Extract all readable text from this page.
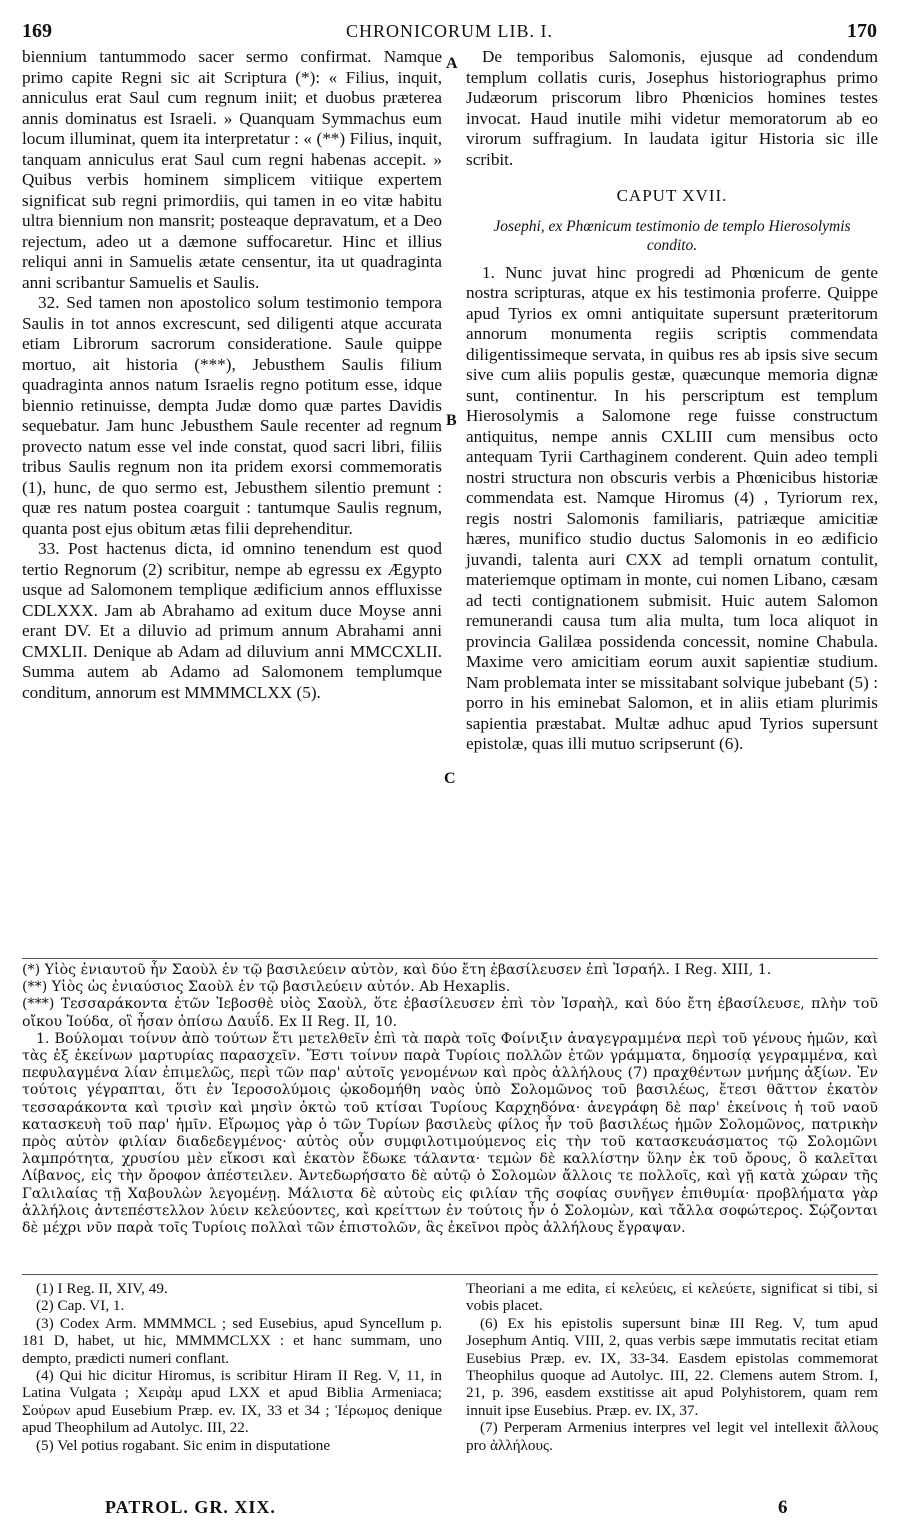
169	CHRONICORUM LIB. I.	170
A
B
C

biennium tantummodo sacer sermo confirmat. Namque primo capite Regni sic ait Scriptura (*): « Filius, inquit, anniculus erat Saul cum regnum iniit; et duobus præterea annis dominatus est Israeli. » Quanquam Symmachus eum locum illuminat, quem ita interpretatur : « (**) Filius, inquit, tanquam anniculus erat Saul cum regni habenas accepit. » Quibus verbis hominem simplicem vitiique expertem significat sub regni primordiis, qui tamen in eo vitæ habitu ultra biennium non mansrit; posteaque depravatum, et a Deo rejectum, adeo ut a dæmone suffocaretur. Hinc et illius reliqui anni in Samuelis ætate censentur, ita ut quadraginta anni scribantur Samuelis et Saulis.

32. Sed tamen non apostolico solum testimonio tempora Saulis in tot annos excrescunt, sed diligenti atque accurata etiam Librorum sacrorum consideratione. Saule quippe mortuo, ait historia (***), Jebusthem Saulis filium quadraginta annos natum Israelis regno potitum esse, idque biennio retinuisse, dempta Judæ domo quæ partes Davidis sequebatur. Jam hunc Jebusthem Saule recenter ad regnum provecto natum esse vel inde constat, quod sacri libri, filiis tribus Saulis regnum non ita pridem exorsi commemoratis (1), hunc, de quo sermo est, Jebusthem silentio premunt : quæ res natum postea coarguit : tantumque Saulis regnum, quanta post ejus obitum ætas filii deprehenditur.

33. Post hactenus dicta, id omnino tenendum est quod tertio Regnorum (2) scribitur, nempe ab egressu ex Ægypto usque ad Salomonem templique ædificium annos effluxisse CDLXXX. Jam ab Abrahamo ad exitum duce Moyse anni erant DV. Et a diluvio ad primum annum Abrahami anni CMXLII. Denique ab Adam ad diluvium anni MMCCXLII. Summa autem ab Adamo ad Salomonem templumque conditum, annorum est MMMMCLXX (5).

De temporibus Salomonis, ejusque ad condendum templum collatis curis, Josephus historiographus primo Judæorum priscorum libro Phœnicios homines testes invocat. Haud inutile mihi videtur memoratorum ab eo virorum suffragium. In laudata igitur Historia sic ille scribit.

CAPUT XVII.
Josephi, ex Phœnicum testimonio de templo Hierosolymis condito.

1. Nunc juvat hinc progredi ad Phœnicum de gente nostra scripturas, atque ex his testimonia proferre. Quippe apud Tyrios ex omni antiquitate supersunt præteritorum annorum monumenta regiis scriptis commendata diligentissimeque servata, in quibus res ab ipsis sive secum sive cum aliis populis gestæ, quæcunque memoria dignæ sunt, continentur. In his perscriptum est templum Hierosolymis a Salomone rege fuisse constructum antiquitus, nempe annis CXLIII cum mensibus octo antequam Tyrii Carthaginem conderent. Quin adeo templi nostri structura non obscuris verbis a Phœnicibus historiæ commendata est. Namque Hiromus (4) , Tyriorum rex, regis nostri Salomonis familiaris, patriæque amicitiæ hæres, munifico studio ductus Salomonis in eo ædificio juvandi, talenta auri CXX ad templi ornatum contulit, materiemque optimam in monte, cui nomen Libano, cæsam ad tecti contignationem submisit. Huic autem Salomon remunerandi causa tum alia multa, tum loca aliquot in provincia Galilæa possidenda concessit, nomine Chabula. Maxime vero amicitiam eorum auxit sapientiæ studium. Nam problemata inter se missitabant solvique jubebant (5) : porro in his eminebat Salomon, et in aliis etiam plurimis sapientia præstabat. Multæ adhuc apud Tyrios supersunt epistolæ, quas illi mutuo scripserunt (6).

(*) Υἱὸς ἐνιαυτοῦ ἦν Σαοὺλ ἐν τῷ βασιλεύειν αὐτὸν, καὶ δύο ἔτη ἐβασίλευσεν ἐπὶ Ἰσραήλ. I Reg. XIII, 1.

(**) Υἱὸς ὡς ἐνιαύσιος Σαοὺλ ἐν τῷ βασιλεύειν αὐτόν. Ab Hexaplis.

(***) Τεσσαράκοντα ἐτῶν Ἰεβοσθὲ υἱὸς Σαοὺλ, ὅτε ἐβασίλευσεν ἐπὶ τὸν Ἰσραὴλ, καὶ δύο ἔτη ἐβασίλευσε, πλὴν τοῦ οἴκου Ἰούδα, οἳ ἦσαν ὀπίσω Δαυΐδ. Ex II Reg. II, 10.

1. Βούλομαι τοίνυν ἀπὸ τούτων ἔτι μετελθεῖν ἐπὶ τὰ παρὰ τοῖς Φοίνιξιν ἀναγεγραμμένα περὶ τοῦ γένους ἡμῶν, καὶ τὰς ἐξ ἐκείνων μαρτυρίας παρασχεῖν. Ἔστι τοίνυν παρὰ Τυρίοις πολλῶν ἐτῶν γράμματα, δημοσίᾳ γεγραμμένα, καὶ πεφυλαγμένα λίαν ἐπιμελῶς, περὶ τῶν παρ' αὐτοῖς γενομένων καὶ πρὸς ἀλλήλους (7) πραχθέντων μνήμης ἀξίων. Ἐν τούτοις γέγραπται, ὅτι ἐν Ἱεροσολύμοις ᾠκοδομήθη ναὸς ὑπὸ Σολομῶνος τοῦ βασιλέως, ἔτεσι θᾶττον ἑκατὸν τεσσαράκοντα καὶ τρισὶν καὶ μησὶν ὀκτὼ τοῦ κτίσαι Τυρίους Καρχηδόνα· ἀνεγράφη δὲ παρ' ἐκείνοις ἡ τοῦ ναοῦ κατασκευὴ τοῦ παρ' ἡμῖν. Εἴρωμος γὰρ ὁ τῶν Τυρίων βασιλεὺς φίλος ἦν τοῦ βασιλέως ἡμῶν Σολομῶνος, πατρικὴν πρὸς αὐτὸν φιλίαν διαδεδεγμένος· αὐτὸς οὖν συμφιλοτιμούμενος εἰς τὴν τοῦ κατασκευάσματος τῷ Σολομῶνι λαμπρότητα, χρυσίου μὲν εἴκοσι καὶ ἑκατὸν ἔδωκε τάλαντα· τεμὼν δὲ καλλίστην ὕλην ἐκ τοῦ ὄρους, ὃ καλεῖται Λίβανος, εἰς τὴν ὄροφον ἀπέστειλεν. Ἀντεδωρήσατο δὲ αὐτῷ ὁ Σολομὼν ἄλλοις τε πολλοῖς, καὶ γῇ κατὰ χώραν τῆς Γαλιλαίας τῇ Χαβουλὼν λεγομένῃ. Μάλιστα δὲ αὐτοὺς εἰς φιλίαν τῆς σοφίας συνῆγεν ἐπιθυμία· προβλήματα γὰρ ἀλλήλοις ἀντεπέστελλον λύειν κελεύοντες, καὶ κρείττων ἐν τούτοις ἦν ὁ Σολομὼν, καὶ τἄλλα σοφώτερος. Σῴζονται δὲ μέχρι νῦν παρὰ τοῖς Τυρίοις πολλαὶ τῶν ἐπιστολῶν, ἃς ἐκεῖνοι πρὸς ἀλλήλους ἔγραψαν.

(1) I Reg. II, XIV, 49.

(2) Cap. VI, 1.

(3) Codex Arm. MMMMCL ; sed Eusebius, apud Syncellum p. 181 D, habet, ut hic, MMMMCLXX : et hanc summam, uno dempto, prædicti numeri conflant.

(4) Qui hic dicitur Hiromus, is scribitur Hiram II Reg. V, 11, in Latina Vulgata ; Χειρὰμ apud LXX et apud Biblia Armeniaca; Σούρων apud Eusebium Præp. ev. IX, 33 et 34 ; Ἱέρωμος denique apud Theophilum ad Autolyc. III, 22.

(5) Vel potius rogabant. Sic enim in disputatione

Theoriani a me edita, εἰ κελεύεις, εἰ κελεύετε, significat si tibi, si vobis placet.

(6) Ex his epistolis supersunt binæ III Reg. V, tum apud Josephum Antiq. VIII, 2, quas verbis sæpe immutatis recitat etiam Eusebius Præp. ev. IX, 33-34. Easdem epistolas commemorat Theophilus quoque ad Autolyc. III, 22. Clemens autem Strom. I, 21, p. 396, easdem exstitisse ait apud Polyhistorem, quam rem innuit ipse Eusebius. Præp. ev. IX, 37.

(7) Perperam Armenius interpres vel legit vel intellexit ἄλλους pro ἀλλήλους.

PATROL. GR. XIX.	6
